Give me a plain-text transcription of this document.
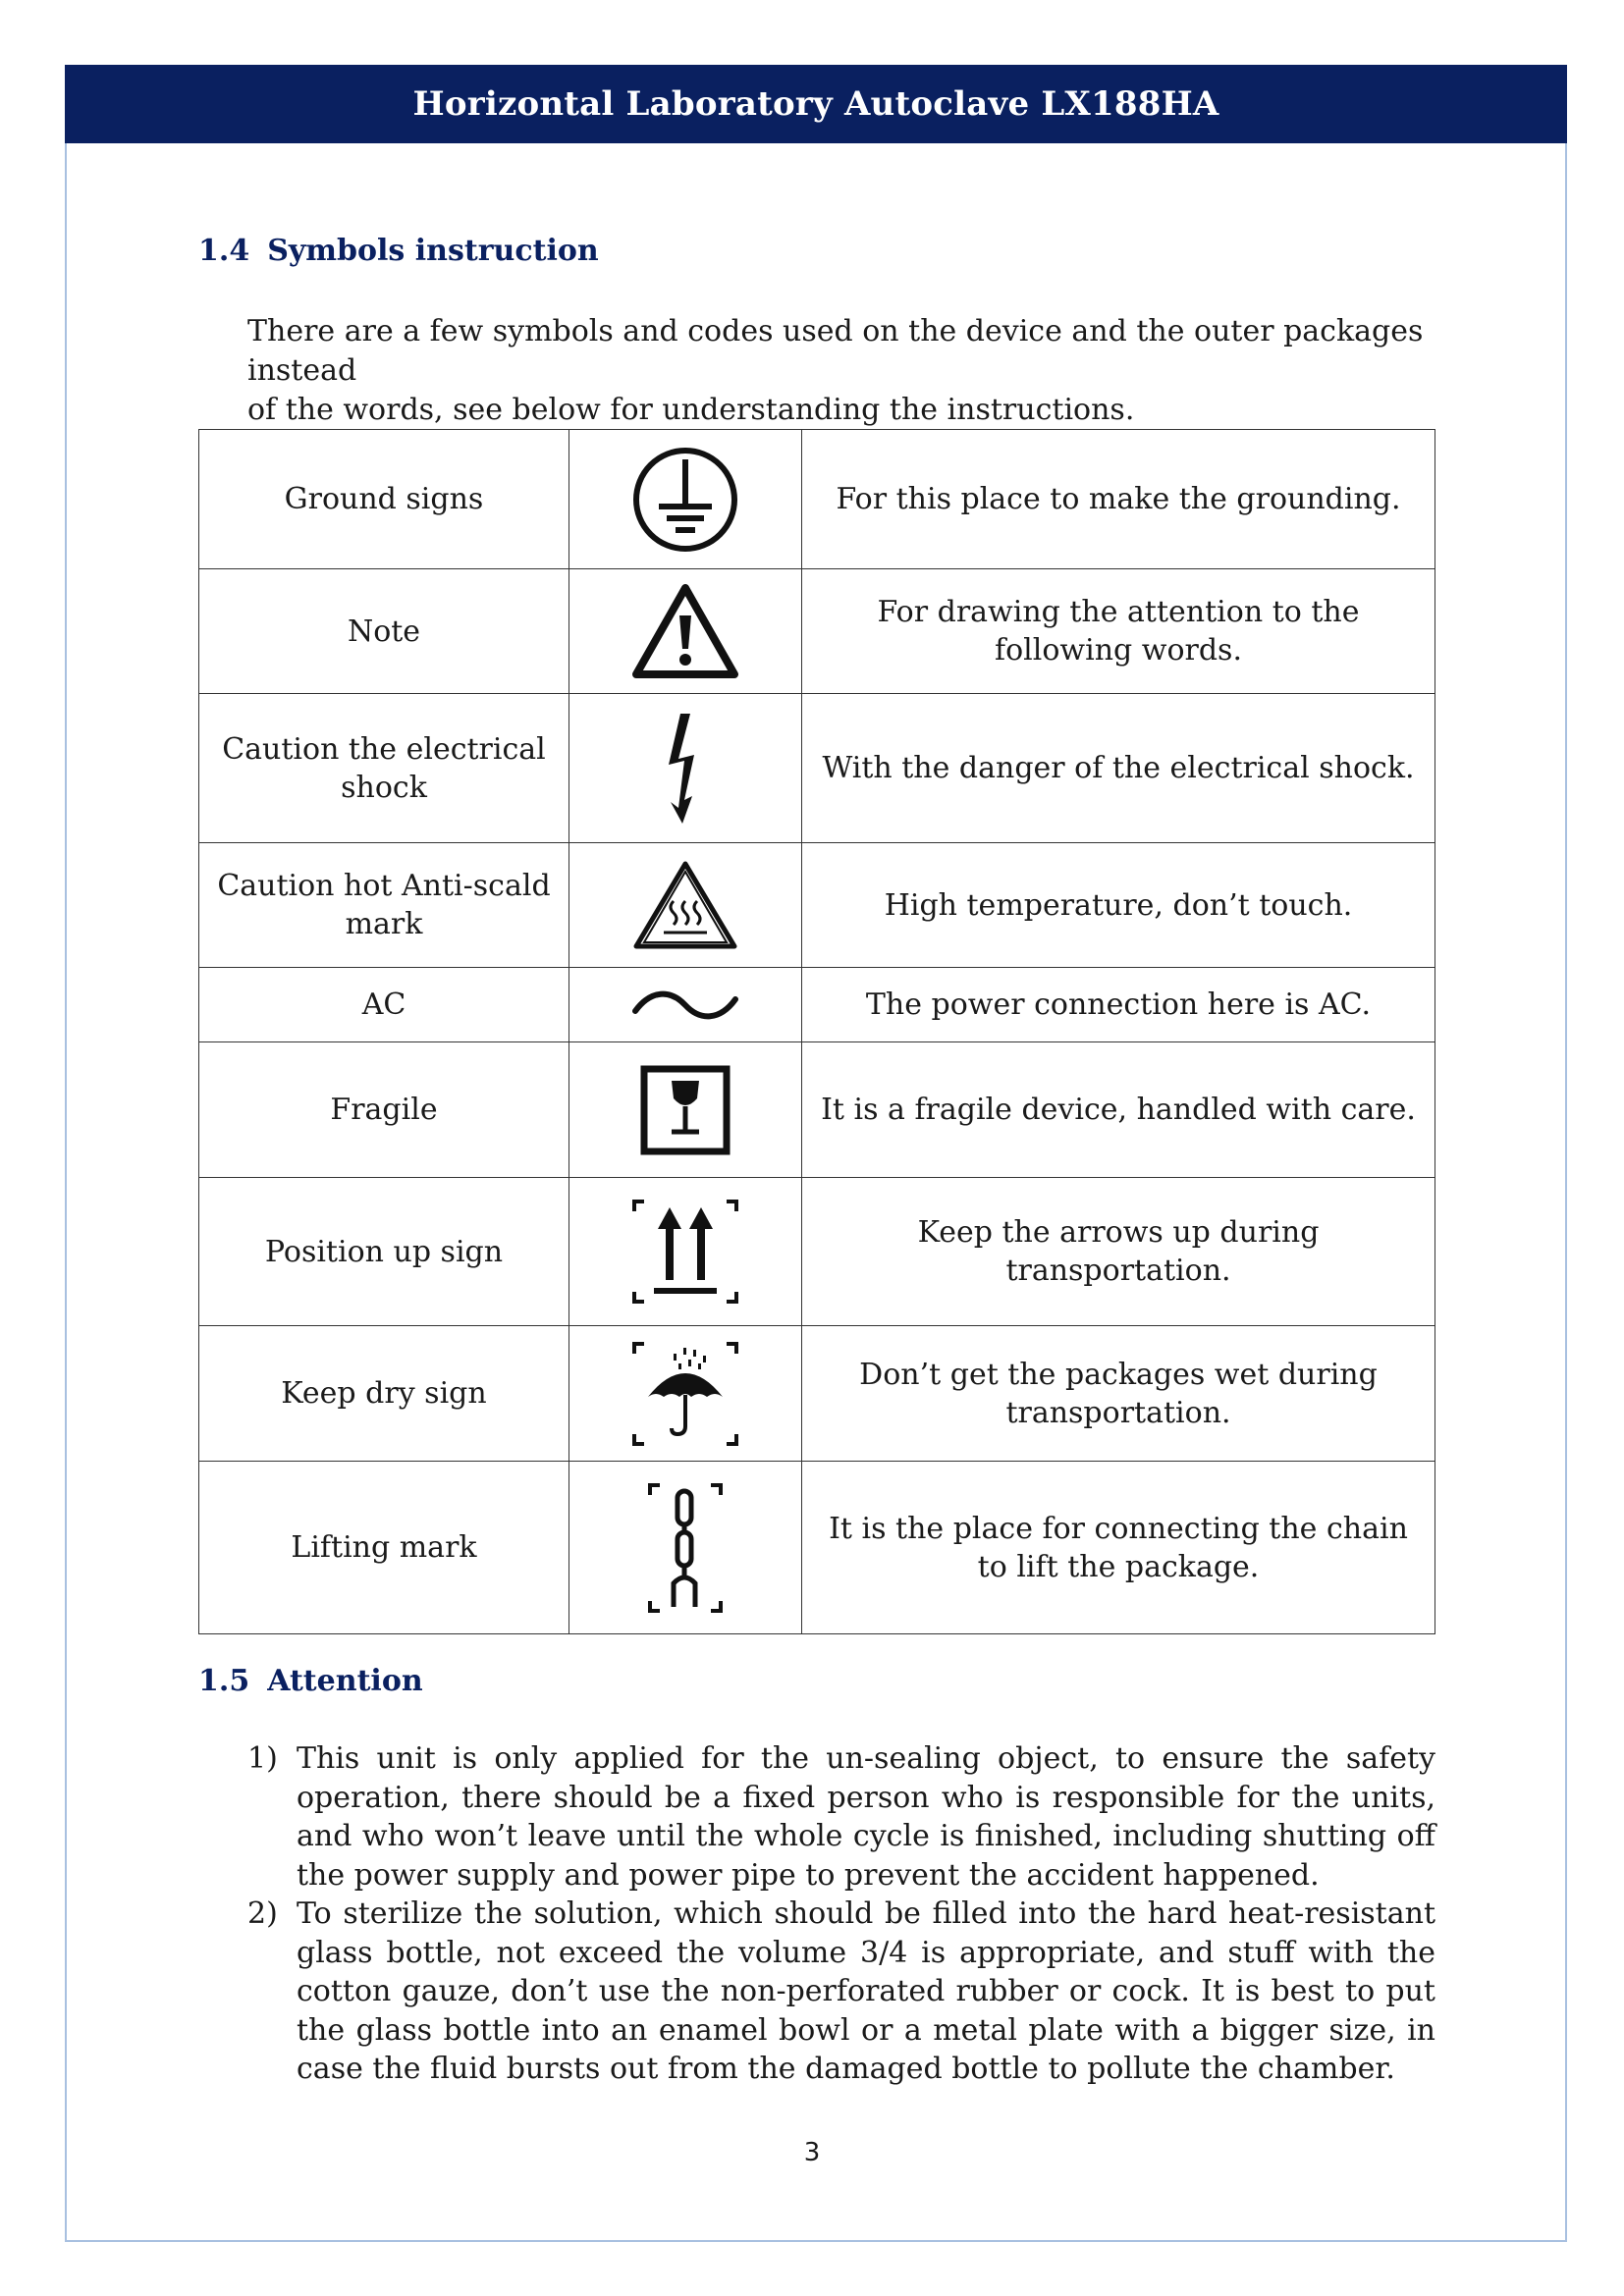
Horizontal Laboratory Autoclave LX188HA
1.4 Symbols instruction
There are a few symbols and codes used on the device and the outer packages instead
of the words, see below for understanding the instructions.
Ground signs		For this place to make the grounding.
Note		For drawing the attention to the following words.
Caution the electrical shock		With the danger of the electrical shock.
Caution hot Anti-scald mark		High temperature, don’t touch.
AC		The power connection here is AC.
Fragile		It is a fragile device, handled with care.
Position up sign		Keep the arrows up during transportation.
Keep dry sign		Don’t get the packages wet during transportation.
Lifting mark		It is the place for connecting the chain to lift the package.
1.5 Attention
1) This unit is only applied for the un-sealing object, to ensure the safety operation, there should be a fixed person who is responsible for the units, and who won’t leave until the whole cycle is finished, including shutting off the power supply and power pipe to prevent the accident happened.
2) To sterilize the solution, which should be filled into the hard heat-resistant glass bottle, not exceed the volume 3/4 is appropriate, and stuff with the cotton gauze, don’t use the non-perforated rubber or cock. It is best to put the glass bottle into an enamel bowl or a metal plate with a bigger size, in case the fluid bursts out from the damaged bottle to pollute the chamber.
3
